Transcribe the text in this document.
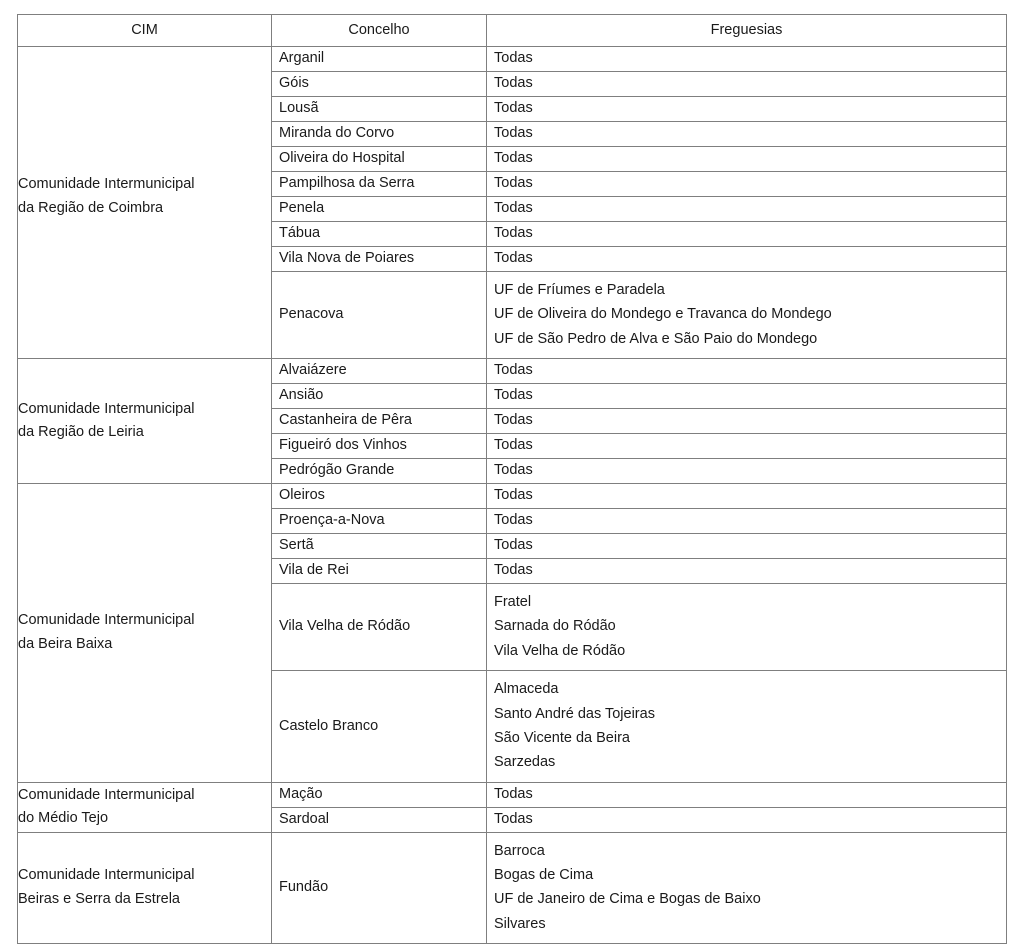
CIM	Concelho	Freguesias

Comunidade Intermunicipal
da Região de Coimbra	Arganil	Todas

	Góis	Todas

	Lousã	Todas

	Miranda do Corvo	Todas

	Oliveira do Hospital	Todas

	Pampilhosa da Serra	Todas

	Penela	Todas

	Tábua	Todas

	Vila Nova de Poiares	Todas

	Penacova	UF de Fríumes e Paradela
UF de Oliveira do Mondego e Travanca do Mondego
UF de São Pedro de Alva e São Paio do Mondego

Comunidade Intermunicipal
da Região de Leiria	Alvaiázere	Todas

	Ansião	Todas

	Castanheira de Pêra	Todas

	Figueiró dos Vinhos	Todas

	Pedrógão Grande	Todas

Comunidade Intermunicipal
da Beira Baixa	Oleiros	Todas

	Proença-a-Nova	Todas

	Sertã	Todas

	Vila de Rei	Todas

	Vila Velha de Ródão	Fratel
Sarnada do Ródão
Vila Velha de Ródão

	Castelo Branco	Almaceda
Santo André das Tojeiras
São Vicente da Beira
Sarzedas

Comunidade Intermunicipal
do Médio Tejo	Mação	Todas

	Sardoal	Todas

Comunidade Intermunicipal
Beiras e Serra da Estrela	Fundão	Barroca
Bogas de Cima
UF de Janeiro de Cima e Bogas de Baixo
Silvares
